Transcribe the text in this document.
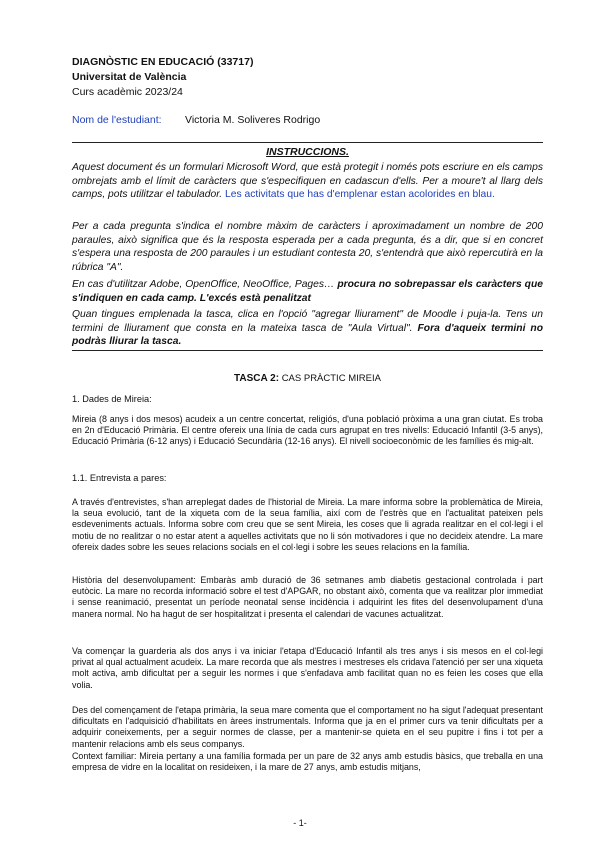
DIAGNÒSTIC EN EDUCACIÓ (33717)
Universitat de València
Curs acadèmic 2023/24
Nom de l'estudiant: Victoria M. Soliveres Rodrigo
INSTRUCCIONS.
Aquest document és un formulari Microsoft Word, que està protegit i només pots escriure en els camps ombrejats amb el límit de caràcters que s'especifiquen en cadascun d'ells. Per a moure't al llarg dels camps, pots utilitzar el tabulador. Les activitats que has d'emplenar estan acolorides en blau.
Per a cada pregunta s'indica el nombre màxim de caràcters i aproximadament un nombre de 200 paraules, això significa que és la resposta esperada per a cada pregunta, és a dir, que si en concret s'espera una resposta de 200 paraules i un estudiant contesta 20, s'entendrà que això repercutirà en la rúbrica "A".
En cas d'utilitzar Adobe, OpenOffice, NeoOffice, Pages… procura no sobrepassar els caràcters que s'indiquen en cada camp. L'excés està penalitzat
Quan tingues emplenada la tasca, clica en l'opció "agregar lliurament" de Moodle i puja-la. Tens un termini de lliurament que consta en la mateixa tasca de "Aula Virtual". Fora d'aqueix termini no podràs lliurar la tasca.
TASCA 2: CAS PRÀCTIC MIREIA
1. Dades de Mireia:
Mireia (8 anys i dos mesos) acudeix a un centre concertat, religiós, d'una població pròxima a una gran ciutat. Es troba en 2n d'Educació Primària. El centre ofereix una línia de cada curs agrupat en tres nivells: Educació Infantil (3-5 anys), Educació Primària (6-12 anys) i Educació Secundària (12-16 anys). El nivell socioeconòmic de les famílies és mig-alt.
1.1. Entrevista a pares:
A través d'entrevistes, s'han arreplegat dades de l'historial de Mireia. La mare informa sobre la problemàtica de Mireia, la seua evolució, tant de la xiqueta com de la seua família, així com de l'estrès que en l'actualitat pateixen pels esdeveniments actuals. Informa sobre com creu que se sent Mireia, les coses que li agrada realitzar en el col·legi i el motiu de no realitzar o no estar atent a aquelles activitats que no li són motivadores i que no decideix atendre. La mare ofereix dades sobre les seues relacions socials en el col·legi i sobre les seues relacions en la família.
Història del desenvolupament: Embaràs amb duració de 36 setmanes amb diabetis gestacional controlada i part eutòcic. La mare no recorda informació sobre el test d'APGAR, no obstant això, comenta que va realitzar plor immediat i sense reanimació, presentat un període neonatal sense incidència i adquirint les fites del desenvolupament d'una manera normal. No ha hagut de ser hospitalitzat i presenta el calendari de vacunes actualitzat.
Va començar la guarderia als dos anys i va iniciar l'etapa d'Educació Infantil als tres anys i sis mesos en el col·legi privat al qual actualment acudeix. La mare recorda que als mestres i mestreses els cridava l'atenció per ser una xiqueta molt activa, amb dificultat per a seguir les normes i que s'enfadava amb facilitat quan no es feien les coses que ella volia.
Des del començament de l'etapa primària, la seua mare comenta que el comportament no ha sigut l'adequat presentant dificultats en l'adquisició d'habilitats en àrees instrumentals. Informa que ja en el primer curs va tenir dificultats per a adquirir coneixements, per a seguir normes de classe, per a mantenir-se quieta en el seu pupitre i fins i tot per a mantenir relacions amb els seus companys.
Context familiar: Mireia pertany a una família formada per un pare de 32 anys amb estudis bàsics, que treballa en una empresa de vidre en la localitat on resideixen, i la mare de 27 anys, amb estudis mitjans,
- 1-
